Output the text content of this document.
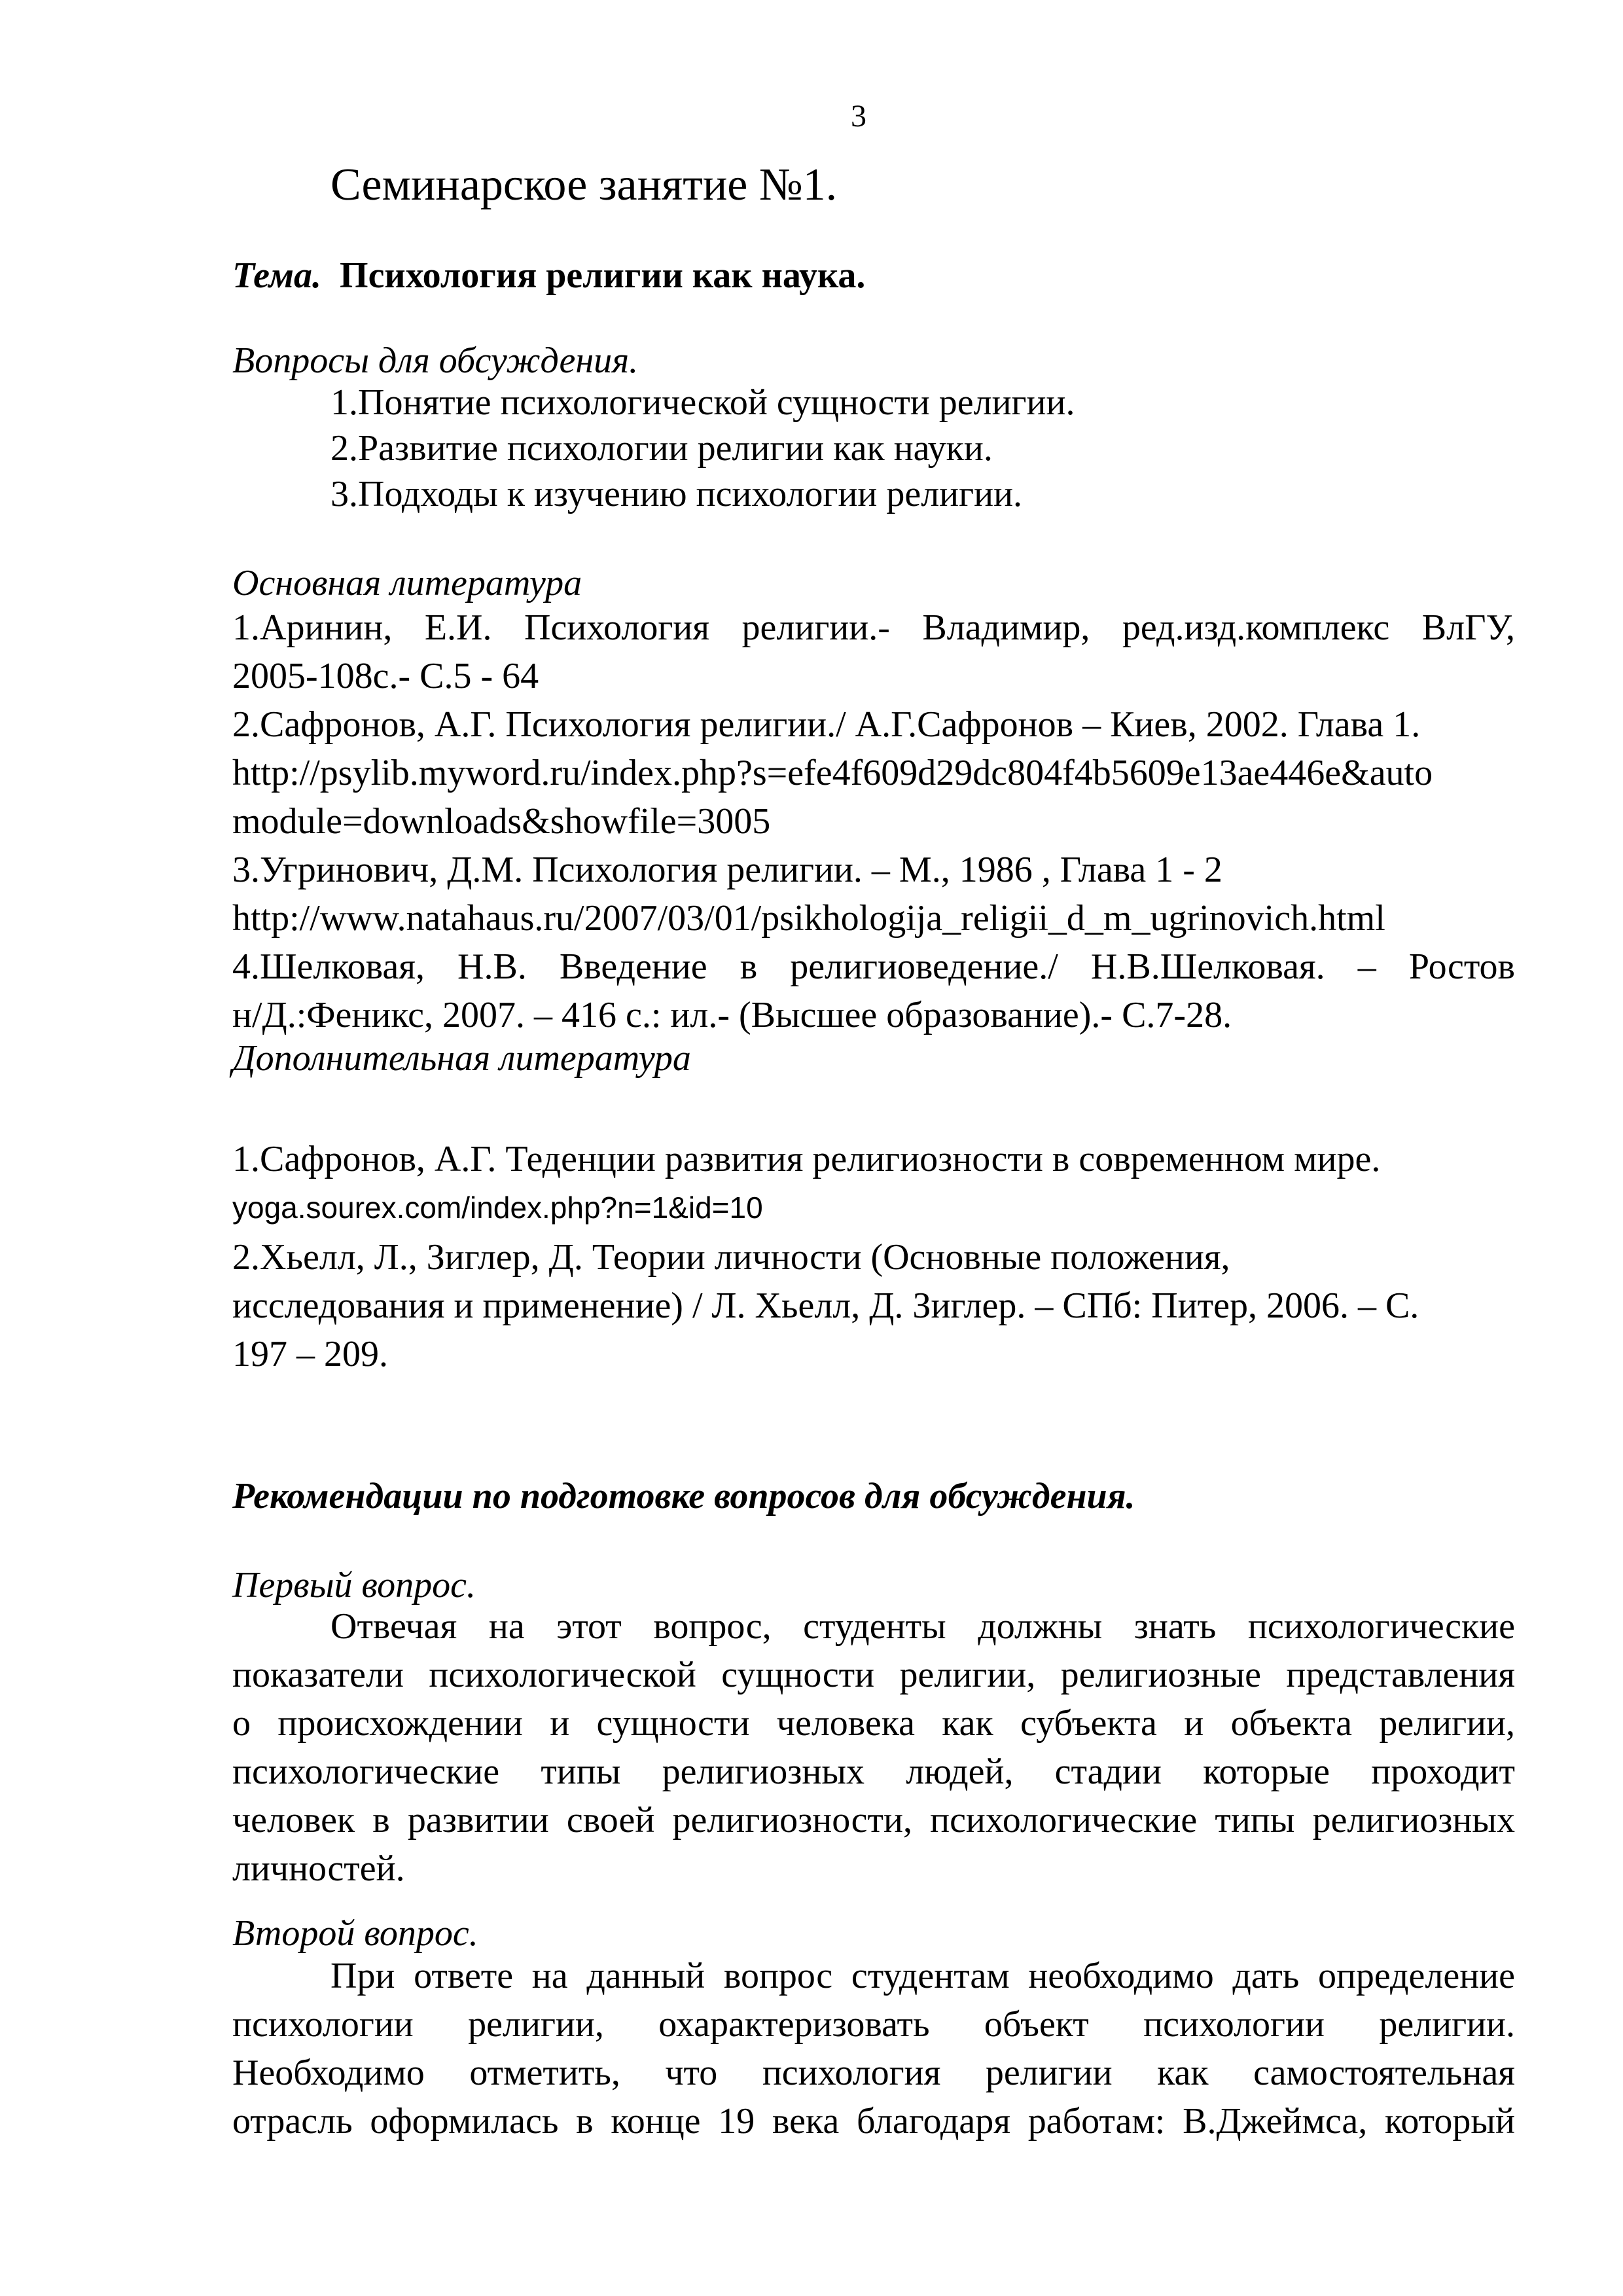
3
Семинарское занятие №1.
Тема. Психология религии как наука.
Вопросы для обсуждения.
1.Понятие психологической сущности религии.
2.Развитие психологии религии как науки.
3.Подходы к изучению психологии религии.
Основная литература
1.Аринин, Е.И. Психология религии.- Владимир, ред.изд.комплекс ВлГУ,
2005-108с.- С.5 - 64
2.Сафронов, А.Г. Психология религии./ А.Г.Сафронов – Киев, 2002. Глава 1.
http://psylib.myword.ru/index.php?s=efe4f609d29dc804f4b5609e13ae446e&auto
module=downloads&showfile=3005
3.Угринович, Д.М. Психология религии. – М., 1986 , Глава 1 - 2
http://www.natahaus.ru/2007/03/01/psikhologija_religii_d_m_ugrinovich.html
4.Шелковая, Н.В. Введение в религиоведение./ Н.В.Шелковая. – Ростов
н/Д.:Феникс, 2007. – 416 с.: ил.- (Высшее образование).- С.7-28.
Дополнительная литература
1.Сафронов, А.Г. Теденции развития религиозности в современном мире.
yoga.sourex.com/index.php?n=1&id=10
2.Хьелл, Л., Зиглер, Д. Теории личности (Основные положения,
исследования и применение) / Л. Хьелл, Д. Зиглер. – СПб: Питер, 2006. – С.
197 – 209.
Рекомендации по подготовке вопросов для обсуждения.
Первый вопрос.
Отвечая на этот вопрос, студенты должны знать психологические
показатели психологической сущности религии, религиозные представления
о происхождении и сущности человека как субъекта и объекта религии,
психологические типы религиозных людей, стадии которые проходит
человек в развитии своей религиозности, психологические типы религиозных
личностей.
Второй вопрос.
При ответе на данный вопрос студентам необходимо дать определение
психологии религии, охарактеризовать объект психологии религии.
Необходимо отметить, что психология религии как самостоятельная
отрасль оформилась в конце 19 века благодаря работам: В.Джеймса, который
